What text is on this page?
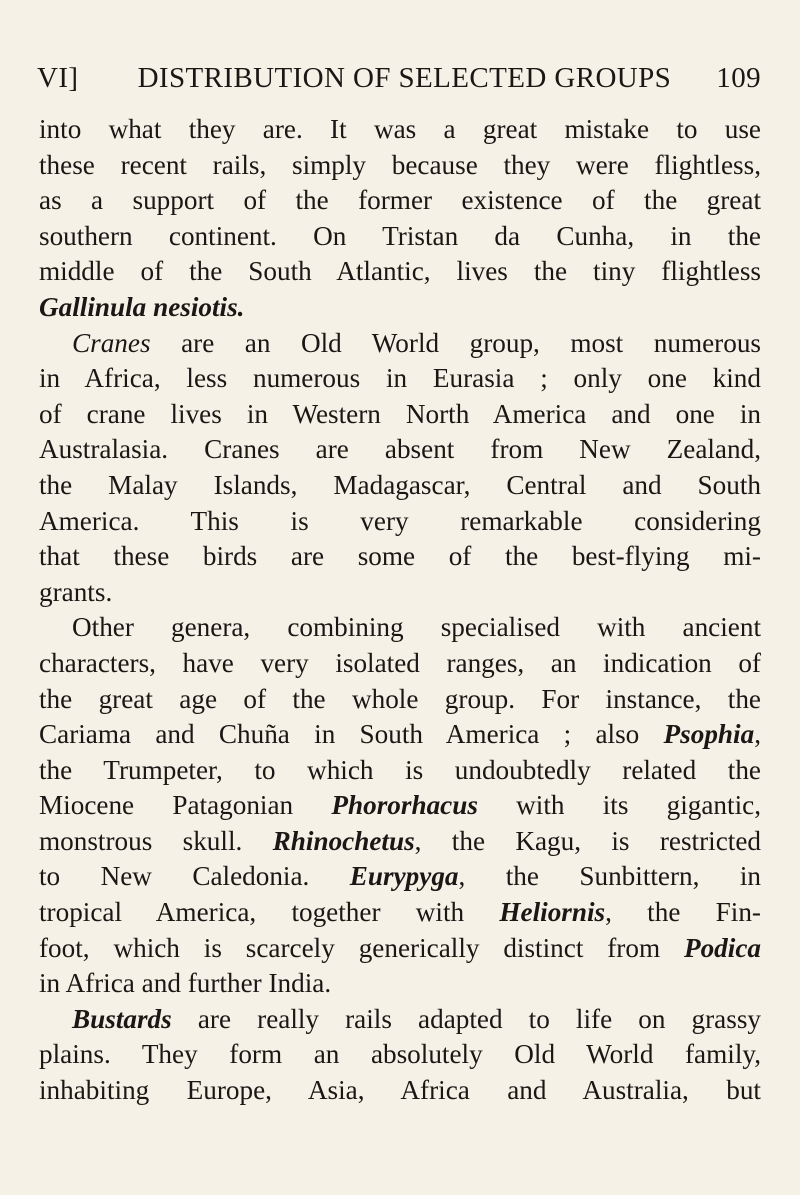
VI]	DISTRIBUTION OF SELECTED GROUPS	109
into what they are. It was a great mistake to use
these recent rails, simply because they were flightless,
as a support of the former existence of the great
southern continent. On Tristan da Cunha, in the
middle of the South Atlantic, lives the tiny flightless
Gallinula nesiotis.
Cranes are an Old World group, most numerous
in Africa, less numerous in Eurasia ; only one kind
of crane lives in Western North America and one in
Australasia. Cranes are absent from New Zealand,
the Malay Islands, Madagascar, Central and South
America. This is very remarkable considering
that these birds are some of the best-flying mi-
grants.
Other genera, combining specialised with ancient
characters, have very isolated ranges, an indication of
the great age of the whole group. For instance, the
Cariama and Chuña in South America ; also Psophia,
the Trumpeter, to which is undoubtedly related the
Miocene Patagonian Phororhacus with its gigantic,
monstrous skull. Rhinochetus, the Kagu, is restricted
to New Caledonia. Eurypyga, the Sunbittern, in
tropical America, together with Heliornis, the Fin-
foot, which is scarcely generically distinct from Podica
in Africa and further India.
Bustards are really rails adapted to life on grassy
plains. They form an absolutely Old World family,
inhabiting Europe, Asia, Africa and Australia, but
